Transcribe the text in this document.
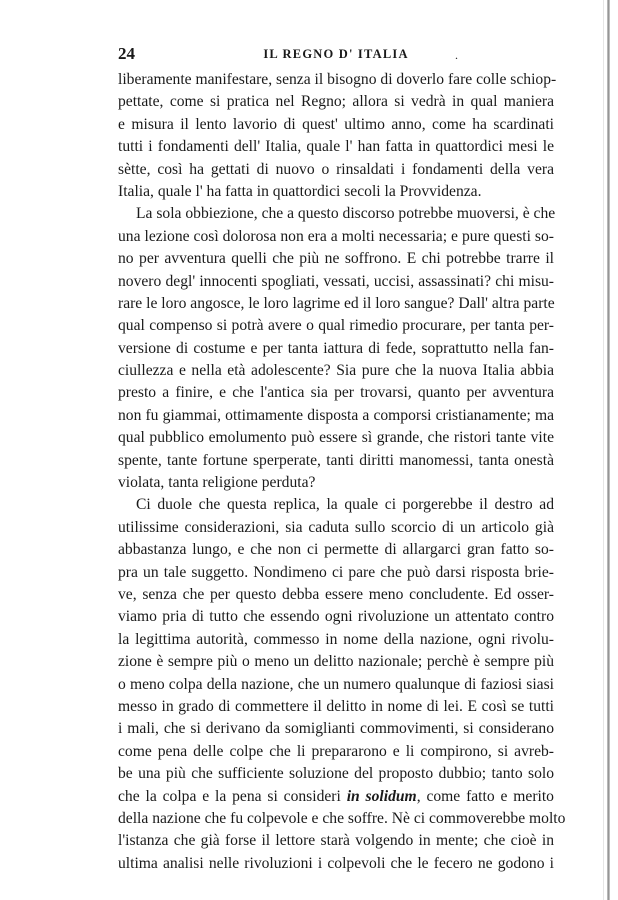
24	IL REGNO D' ITALIA	.
liberamente manifestare, senza il bisogno di doverlo fare colle schiop-
pettate, come si pratica nel Regno; allora si vedrà in qual maniera
e misura il lento lavorio di quest' ultimo anno, come ha scardinati
tutti i fondamenti dell' Italia, quale l' han fatta in quattordici mesi le
sètte, così ha gettati di nuovo o rinsaldati i fondamenti della vera
Italia, quale l' ha fatta in quattordici secoli la Provvidenza.
La sola obbiezione, che a questo discorso potrebbe muoversi, è che
una lezione così dolorosa non era a molti necessaria; e pure questi so-
no per avventura quelli che più ne soffrono. E chi potrebbe trarre il
novero degl' innocenti spogliati, vessati, uccisi, assassinati? chi misu-
rare le loro angosce, le loro lagrime ed il loro sangue? Dall' altra parte
qual compenso si potrà avere o qual rimedio procurare, per tanta per-
versione di costume e per tanta iattura di fede, soprattutto nella fan-
ciullezza e nella età adolescente? Sia pure che la nuova Italia abbia
presto a finire, e che l'antica sia per trovarsi, quanto per avventura
non fu giammai, ottimamente disposta a comporsi cristianamente; ma
qual pubblico emolumento può essere sì grande, che ristori tante vite
spente, tante fortune sperperate, tanti diritti manomessi, tanta onestà
violata, tanta religione perduta?
Ci duole che questa replica, la quale ci porgerebbe il destro ad
utilissime considerazioni, sia caduta sullo scorcio di un articolo già
abbastanza lungo, e che non ci permette di allargarci gran fatto so-
pra un tale suggetto. Nondimeno ci pare che può darsi risposta brie-
ve, senza che per questo debba essere meno concludente. Ed osser-
viamo pria di tutto che essendo ogni rivoluzione un attentato contro
la legittima autorità, commesso in nome della nazione, ogni rivolu-
zione è sempre più o meno un delitto nazionale; perchè è sempre più
o meno colpa della nazione, che un numero qualunque di faziosi siasi
messo in grado di commettere il delitto in nome di lei. E così se tutti
i mali, che si derivano da somiglianti commovimenti, si considerano
come pena delle colpe che li prepararono e li compirono, si avreb-
be una più che sufficiente soluzione del proposto dubbio; tanto solo
che la colpa e la pena si consideri in solidum, come fatto e merito
della nazione che fu colpevole e che soffre. Nè ci commoverebbe molto
l'istanza che già forse il lettore starà volgendo in mente; che cioè in
ultima analisi nelle rivoluzioni i colpevoli che le fecero ne godono i
